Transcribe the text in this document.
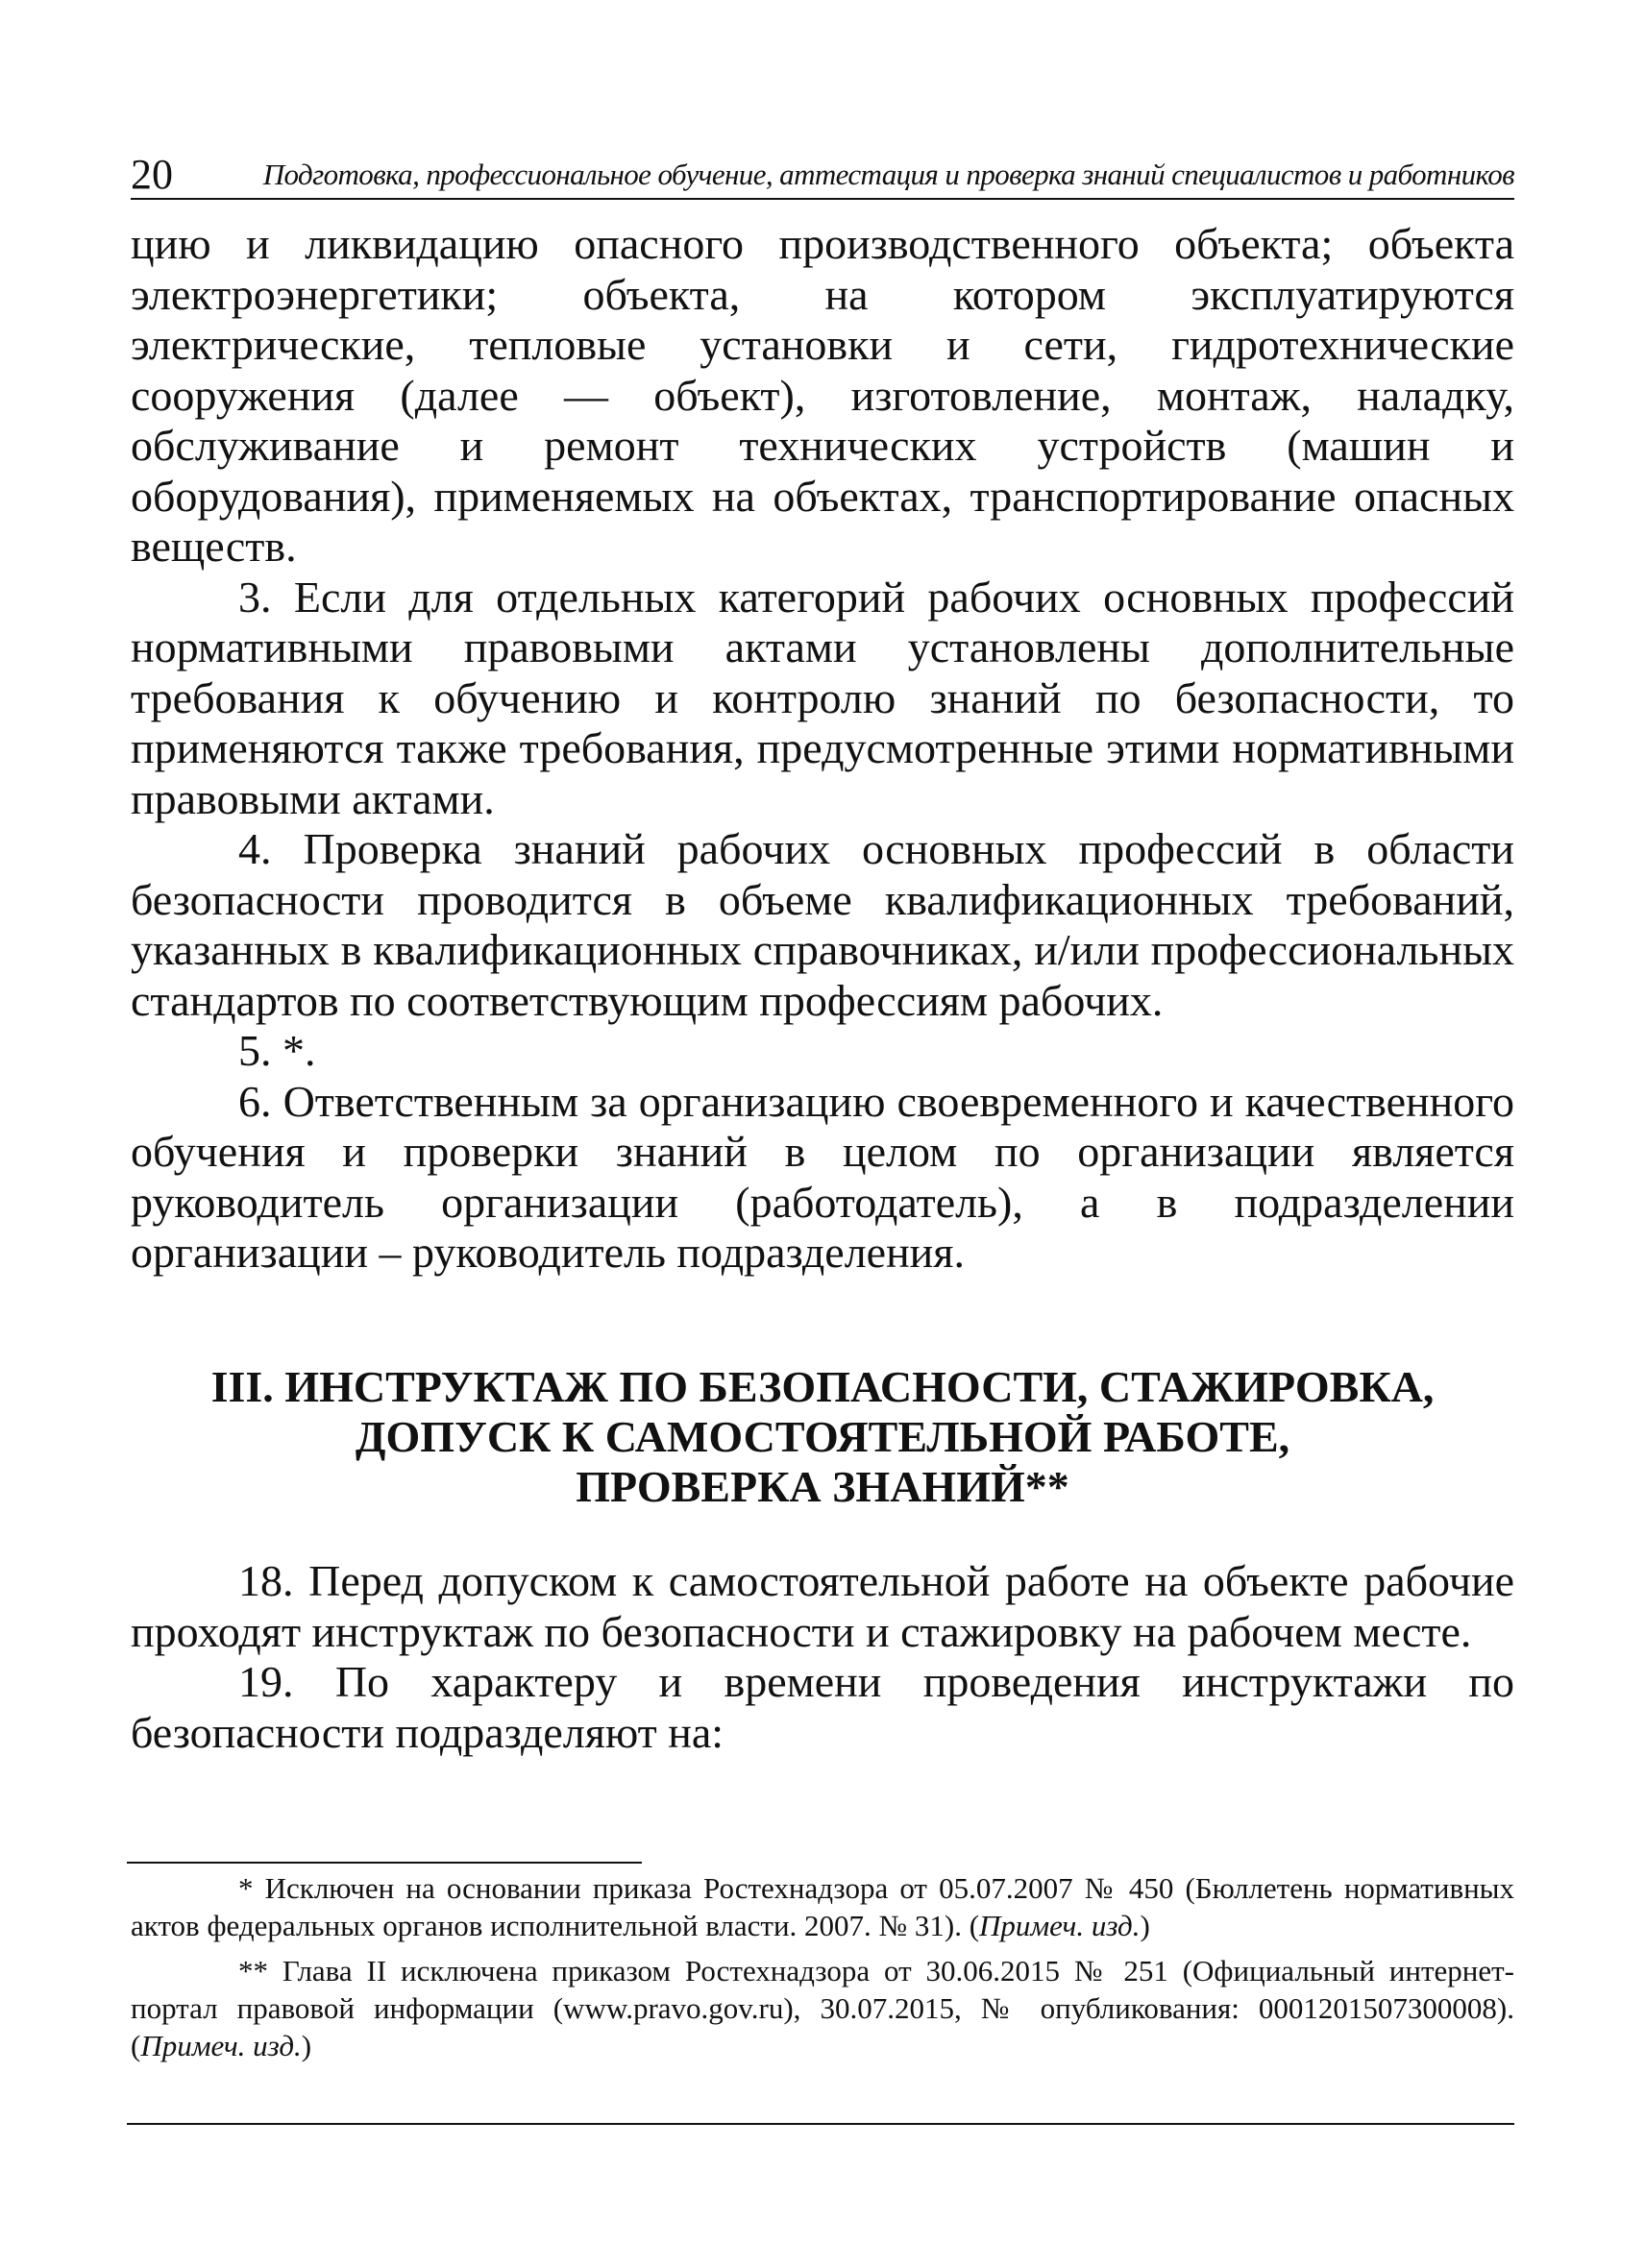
20	Подготовка, профессиональное обучение, аттестация и проверка знаний специалистов и работников

цию и ликвидацию опасного производственного объекта; объекта электроэнергетики; объекта, на котором эксплуатируются электрические, тепловые установки и сети, гидротехнические сооружения (далее — объект), изготовление, монтаж, наладку, обслуживание и ремонт технических устройств (машин и оборудования), применяемых на объектах, транспортирование опасных веществ.

3. Если для отдельных категорий рабочих основных профессий нормативными правовыми актами установлены дополнительные требования к обучению и контролю знаний по безопасности, то применяются также требования, предусмотренные этими нормативными правовыми актами.

4. Проверка знаний рабочих основных профессий в области безопасности проводится в объеме квалификационных требований, указанных в квалификационных справочниках, и/или профессиональных стандартов по соответствующим профессиям рабочих.

5. *.

6. Ответственным за организацию своевременного и качественного обучения и проверки знаний в целом по организации является руководитель организации (работодатель), а в подразделении организации – руководитель подразделения.

III. ИНСТРУКТАЖ ПО БЕЗОПАСНОСТИ, СТАЖИРОВКА,
ДОПУСК К САМОСТОЯТЕЛЬНОЙ РАБОТЕ,
ПРОВЕРКА ЗНАНИЙ**

18. Перед допуском к самостоятельной работе на объекте рабочие проходят инструктаж по безопасности и стажировку на рабочем месте.

19. По характеру и времени проведения инструктажи по безопасности подразделяют на:

* Исключен на основании приказа Ростехнадзора от 05.07.2007 № 450 (Бюллетень нормативных актов федеральных органов исполнительной власти. 2007. № 31). (Примеч. изд.)

** Глава II исключена приказом Ростехнадзора от 30.06.2015 № 251 (Официальный интернет-портал правовой информации (www.pravo.gov.ru), 30.07.2015, № опубликования: 0001201507300008). (Примеч. изд.)
